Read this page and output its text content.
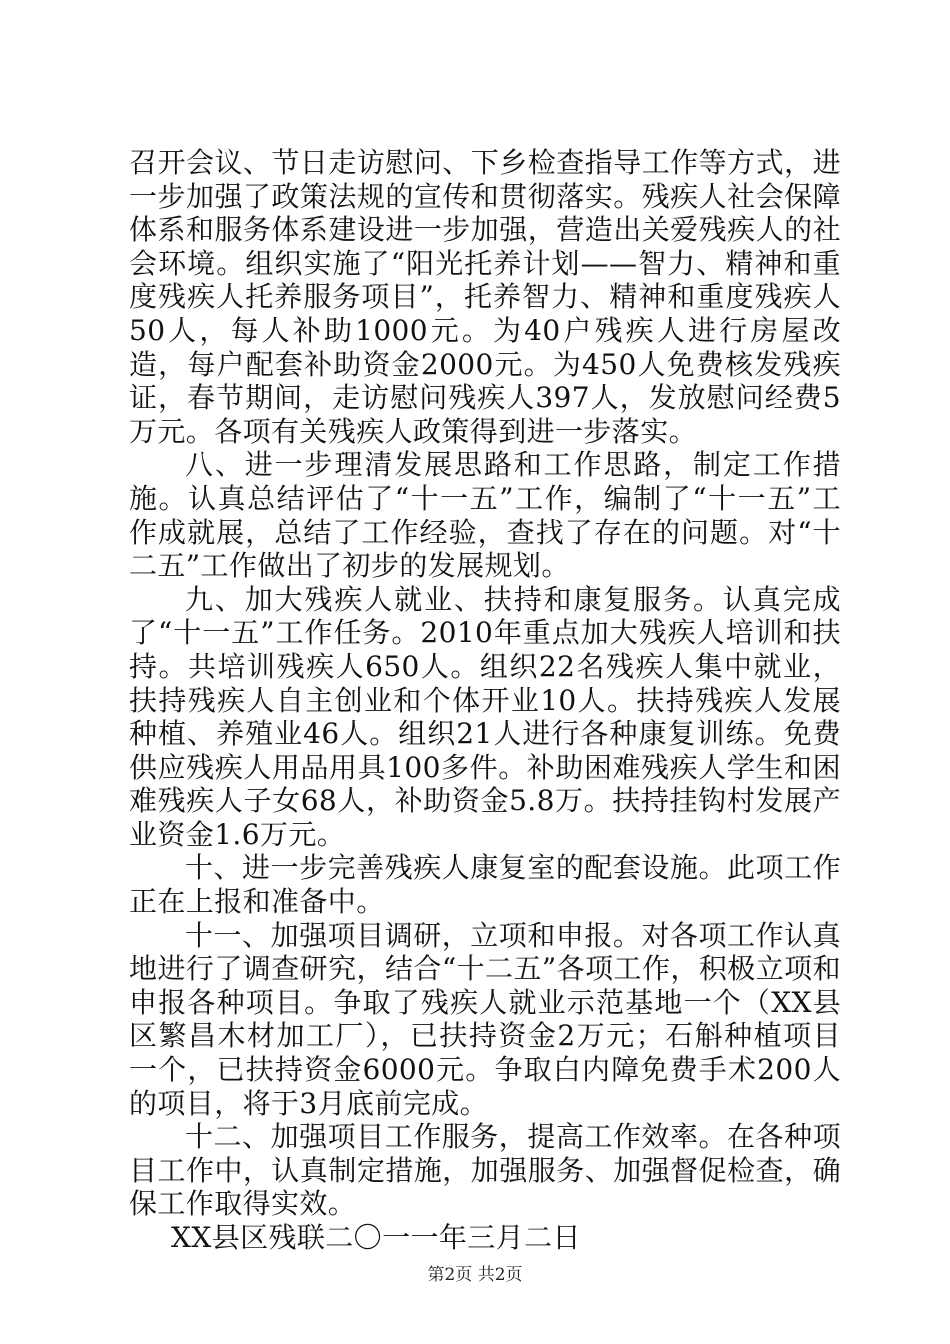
召开会议、节日走访慰问、下乡检查指导工作等方式，进一步加强了政策法规的宣传和贯彻落实。残疾人社会保障体系和服务体系建设进一步加强，营造出关爱残疾人的社会环境。组织实施了“阳光托养计划——智力、精神和重度残疾人托养服务项目”，托养智力、精神和重度残疾人50人，每人补助1000元。为40户残疾人进行房屋改造，每户配套补助资金2000元。为450人免费核发残疾证，春节期间，走访慰问残疾人397人，发放慰问经费5万元。各项有关残疾人政策得到进一步落实。

八、进一步理清发展思路和工作思路，制定工作措施。认真总结评估了“十一五”工作，编制了“十一五”工作成就展，总结了工作经验，查找了存在的问题。对“十二五”工作做出了初步的发展规划。

九、加大残疾人就业、扶持和康复服务。认真完成了“十一五”工作任务。2010年重点加大残疾人培训和扶持。共培训残疾人650人。组织22名残疾人集中就业，扶持残疾人自主创业和个体开业10人。扶持残疾人发展种植、养殖业46人。组织21人进行各种康复训练。免费供应残疾人用品用具100多件。补助困难残疾人学生和困难残疾人子女68人，补助资金5.8万。扶持挂钩村发展产业资金1.6万元。

十、进一步完善残疾人康复室的配套设施。此项工作正在上报和准备中。

十一、加强项目调研，立项和申报。对各项工作认真地进行了调查研究，结合“十二五”各项工作，积极立项和申报各种项目。争取了残疾人就业示范基地一个（XX县区繁昌木材加工厂），已扶持资金2万元；石斛种植项目一个，已扶持资金6000元。争取白内障免费手术200人的项目，将于3月底前完成。

十二、加强项目工作服务，提高工作效率。在各种项目工作中，认真制定措施，加强服务、加强督促检查，确保工作取得实效。

XX县区残联二〇一一年三月二日

第2页 共2页
